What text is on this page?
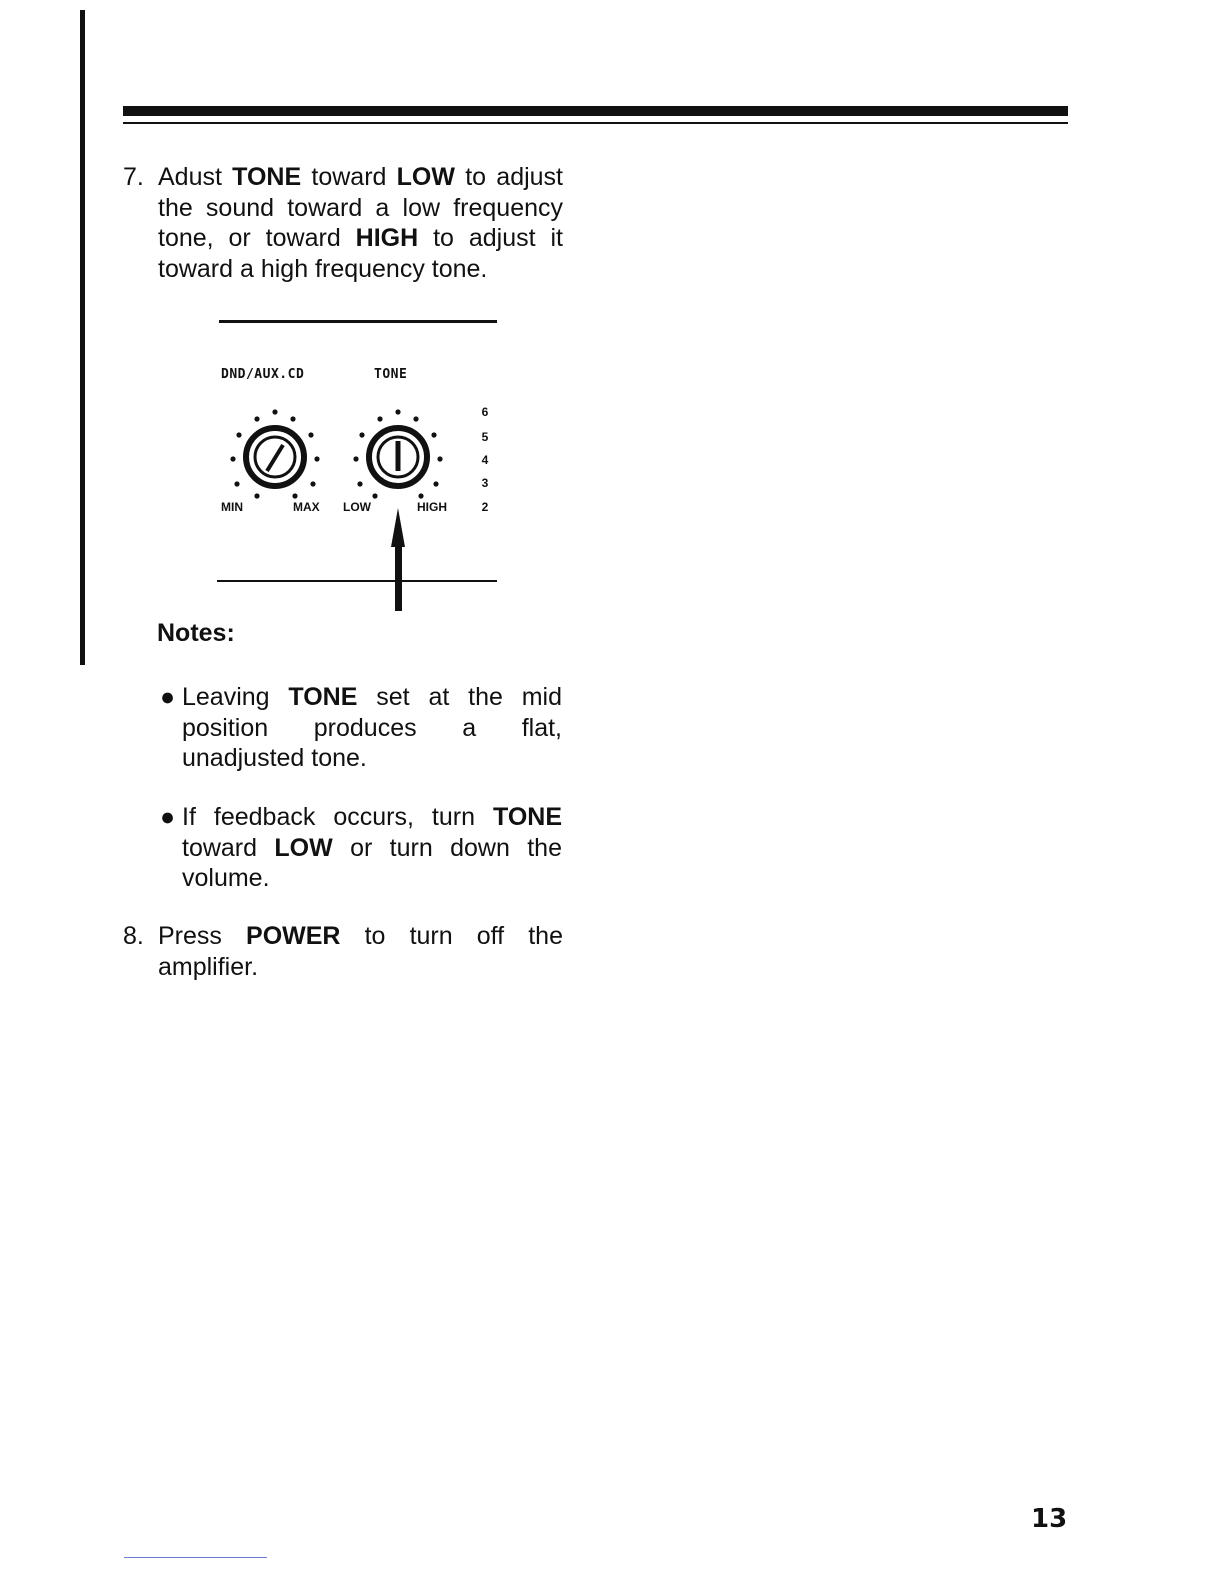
7. Adust TONE toward LOW to adjust the sound toward a low frequency tone, or toward HIGH to adjust it toward a high frequency tone.
DND/AUX.CD	TONE
MIN	MAX LOW	HIGH
6
5
4
3
2
Notes:
● Leaving TONE set at the mid position produces a flat, unadjusted tone.
● If feedback occurs, turn TONE toward LOW or turn down the volume.
8. Press POWER to turn off the amplifier.
13
